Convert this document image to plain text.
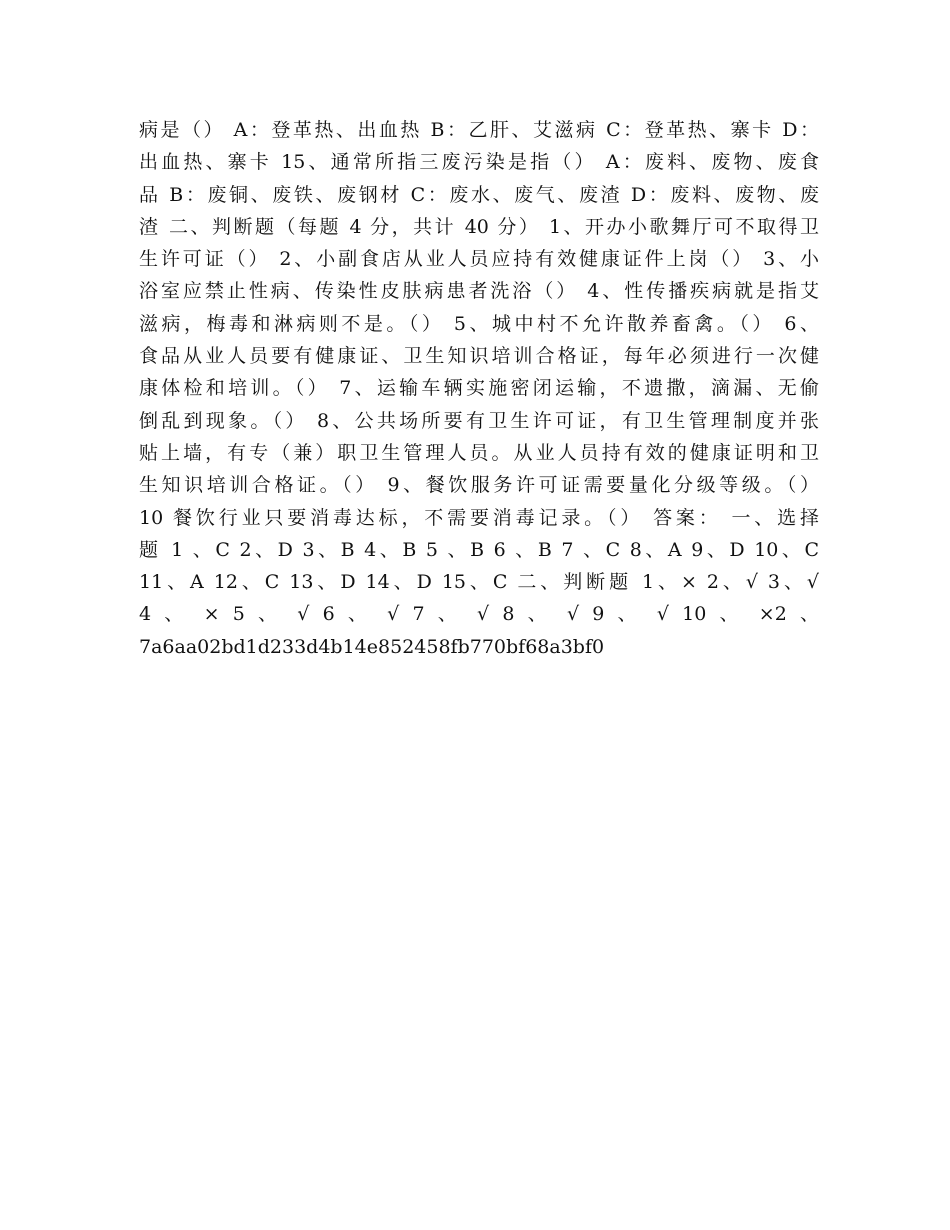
病是（） A：登革热、出血热 B：乙肝、艾滋病 C：登革热、寨卡 D：
出血热、寨卡 15、通常所指三废污染是指（） A：废料、废物、废食
品 B：废铜、废铁、废钢材 C：废水、废气、废渣 D：废料、废物、废
渣 二、判断题（每题 4 分，共计 40 分） 1、开办小歌舞厅可不取得卫
生许可证（） 2、小副食店从业人员应持有效健康证件上岗（） 3、小
浴室应禁止性病、传染性皮肤病患者洗浴（） 4、性传播疾病就是指艾
滋病，梅毒和淋病则不是。（） 5、城中村不允许散养畜禽。（） 6、
食品从业人员要有健康证、卫生知识培训合格证，每年必须进行一次健
康体检和培训。（） 7、运输车辆实施密闭运输，不遗撒，滴漏、无偷
倒乱到现象。（） 8、公共场所要有卫生许可证，有卫生管理制度并张
贴上墙，有专（兼）职卫生管理人员。从业人员持有效的健康证明和卫
生知识培训合格证。（） 9、餐饮服务许可证需要量化分级等级。（）
10 餐饮行业只要消毒达标，不需要消毒记录。（） 答案： 一、选择
题 1 、C 2、D 3、B 4、B 5 、B 6 、B 7 、C 8、A 9、D 10、C
11、A 12、C 13、D 14、D 15、C 二、判断题 1、× 2、√ 3、√
4 、 × 5 、 √ 6 、 √ 7 、 √ 8 、 √ 9 、 √ 10 、 ×2 、
7a6aa02bd1d233d4b14e852458fb770bf68a3bf0
